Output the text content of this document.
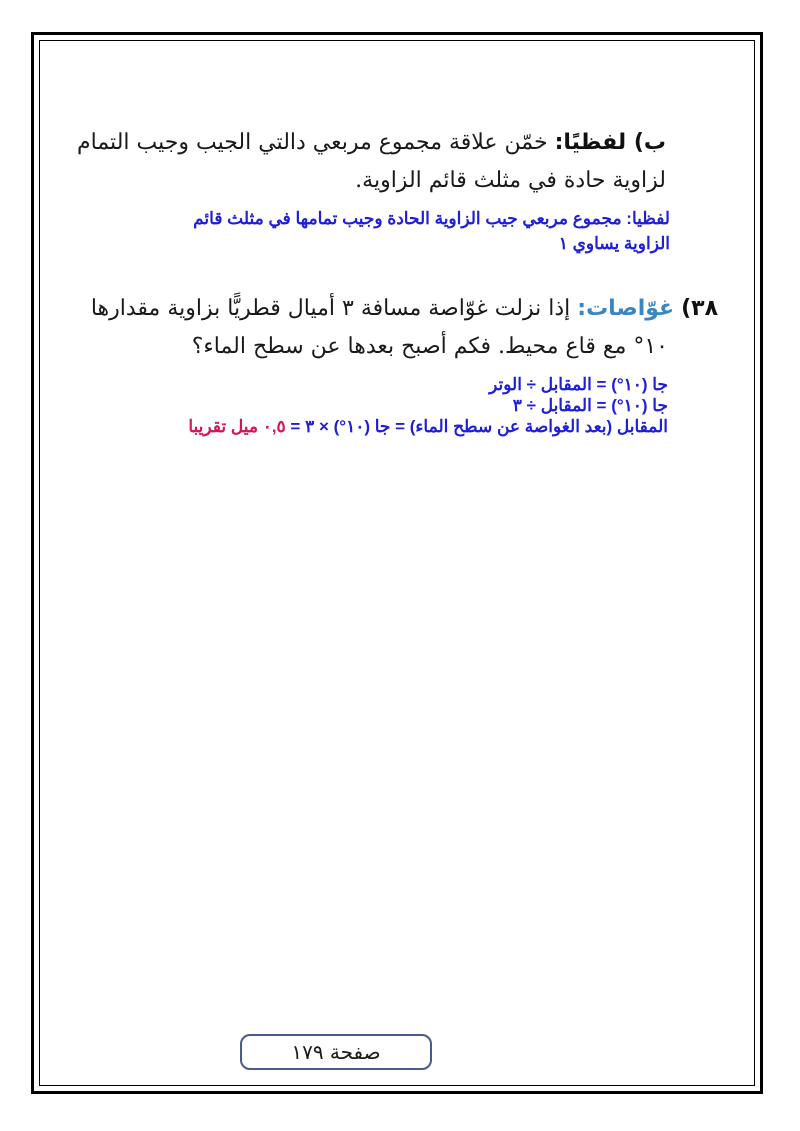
ب) لفظيًا: خمّن علاقة مجموع مربعي دالتي الجيب وجيب التمام
لزاوية حادة في مثلث قائم الزاوية.
لفظيا: مجموع مربعي جيب الزاوية الحادة وجيب تمامها في مثلث قائم
الزاوية يساوي ١
٣٨) غوّاصات: إذا نزلت غوّاصة مسافة ٣ أميال قطريًّا بزاوية مقدارها
١٠° مع قاع محيط. فكم أصبح بعدها عن سطح الماء؟
جا (١٠°) = المقابل ÷ الوتر
جا (١٠°) = المقابل ÷ ٣
المقابل (بعد الغواصة عن سطح الماء) = جا (١٠°) × ٣ = ٠,٥ ميل تقريبا
صفحة ١٧٩
